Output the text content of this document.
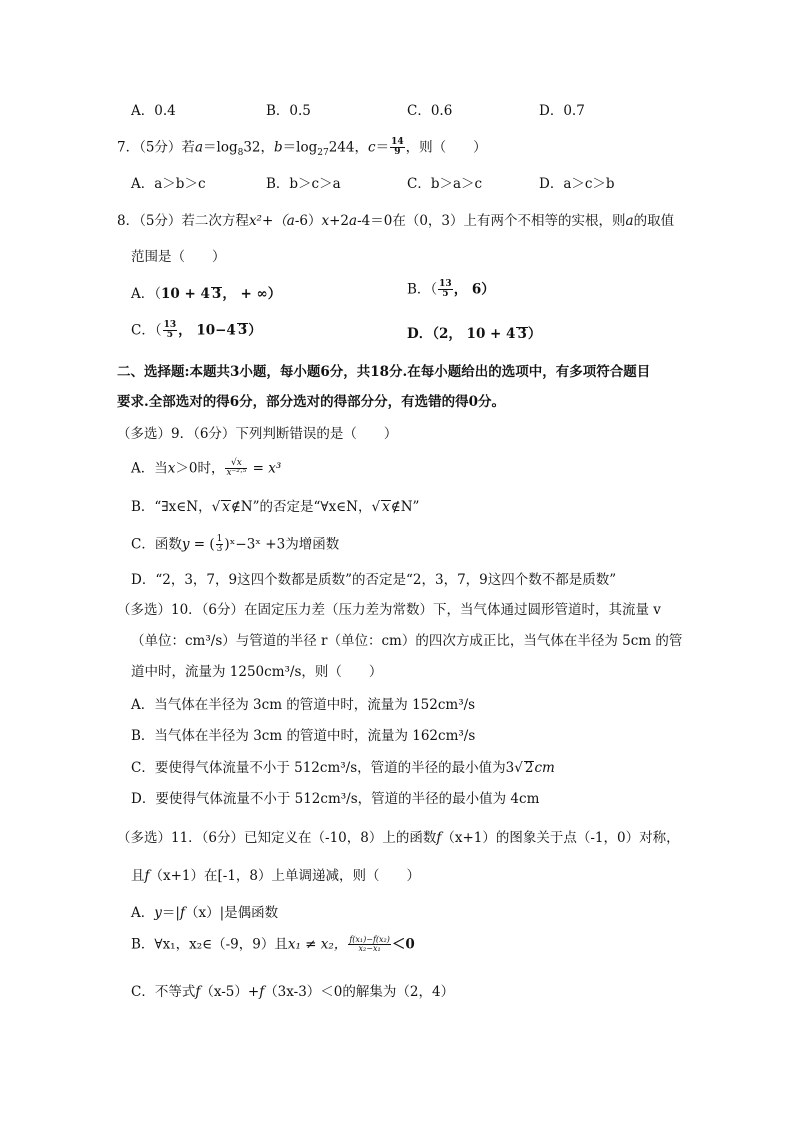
A．0.4	B．0.5	C．0.6	D．0.7
7．（5分）若$a=\log_832$，$b=\log_{27}244$，$c= \frac{14}{9}$ ，则（　　）
A．a＞b＞c	B．b＞c＞a	C．b＞a＞c	D．a＞c＞b
8．（5分）若二次方程x²+（a-6）x+2a-4＝0在（0，3）上有两个不相等的实根，则a的取值
范围是（　　）
A．（10 + 4 3， + ∞）	B．（ $\frac{13}{5}$ ， 6）
C．（ $\frac{13}{5}$ ， 10−4 3）	D．（2， 10 + 4 3）
二、选择题:本题共3小题，每小题6分，共18分.在每小题给出的选项中，有多项符合题目
要求.全部选对的得6分，部分选对的得部分分，有选错的得0分。
（多选）9．（6分）下列判断错误的是（　　）
A．当x＞0时， $\frac{√x}{\text{x⁻²·⁵}} = x^3$
B．“∃x∈N，√ x∉N”的否定是“∀x∈N，√ x∉N”
C．函数y = ( $\frac{1}{3}$ )ˣ−3ˣ +3为增函数
D．“2，3，7，9这四个数都是质数”的否定是“2，3，7，9这四个数不都是质数”
（多选）10．（6分）在固定压力差（压力差为常数）下，当气体通过圆形管道时，其流量 v
（单位：cm³/s）与管道的半径 r（单位：cm）的四次方成正比，当气体在半径为 5cm 的管
道中时，流量为 1250cm³/s，则（　　）
A．当气体在半径为 3cm 的管道中时，流量为 152cm³/s
B．当气体在半径为 3cm 的管道中时，流量为 162cm³/s
C．要使得气体流量不小于 512cm³/s，管道的半径的最小值为3√ 2cm
D．要使得气体流量不小于 512cm³/s，管道的半径的最小值为 4cm
（多选）11．（6分）已知定义在（-10，8）上的函数f（x+1）的图象关于点（-1，0）对称，
且f（x+1）在[-1，8）上单调递减，则（　　）
A．y＝|f（x）|是偶函数
B．∀x₁，x₂∈（-9，9）且x₁ ≠ x₂， $\frac{\text{f(x₁)−f(x₂)}}{\text{x₂−x₁}} <0$
C．不等式f（x-5）+f（3x-3）＜0的解集为（2，4）
